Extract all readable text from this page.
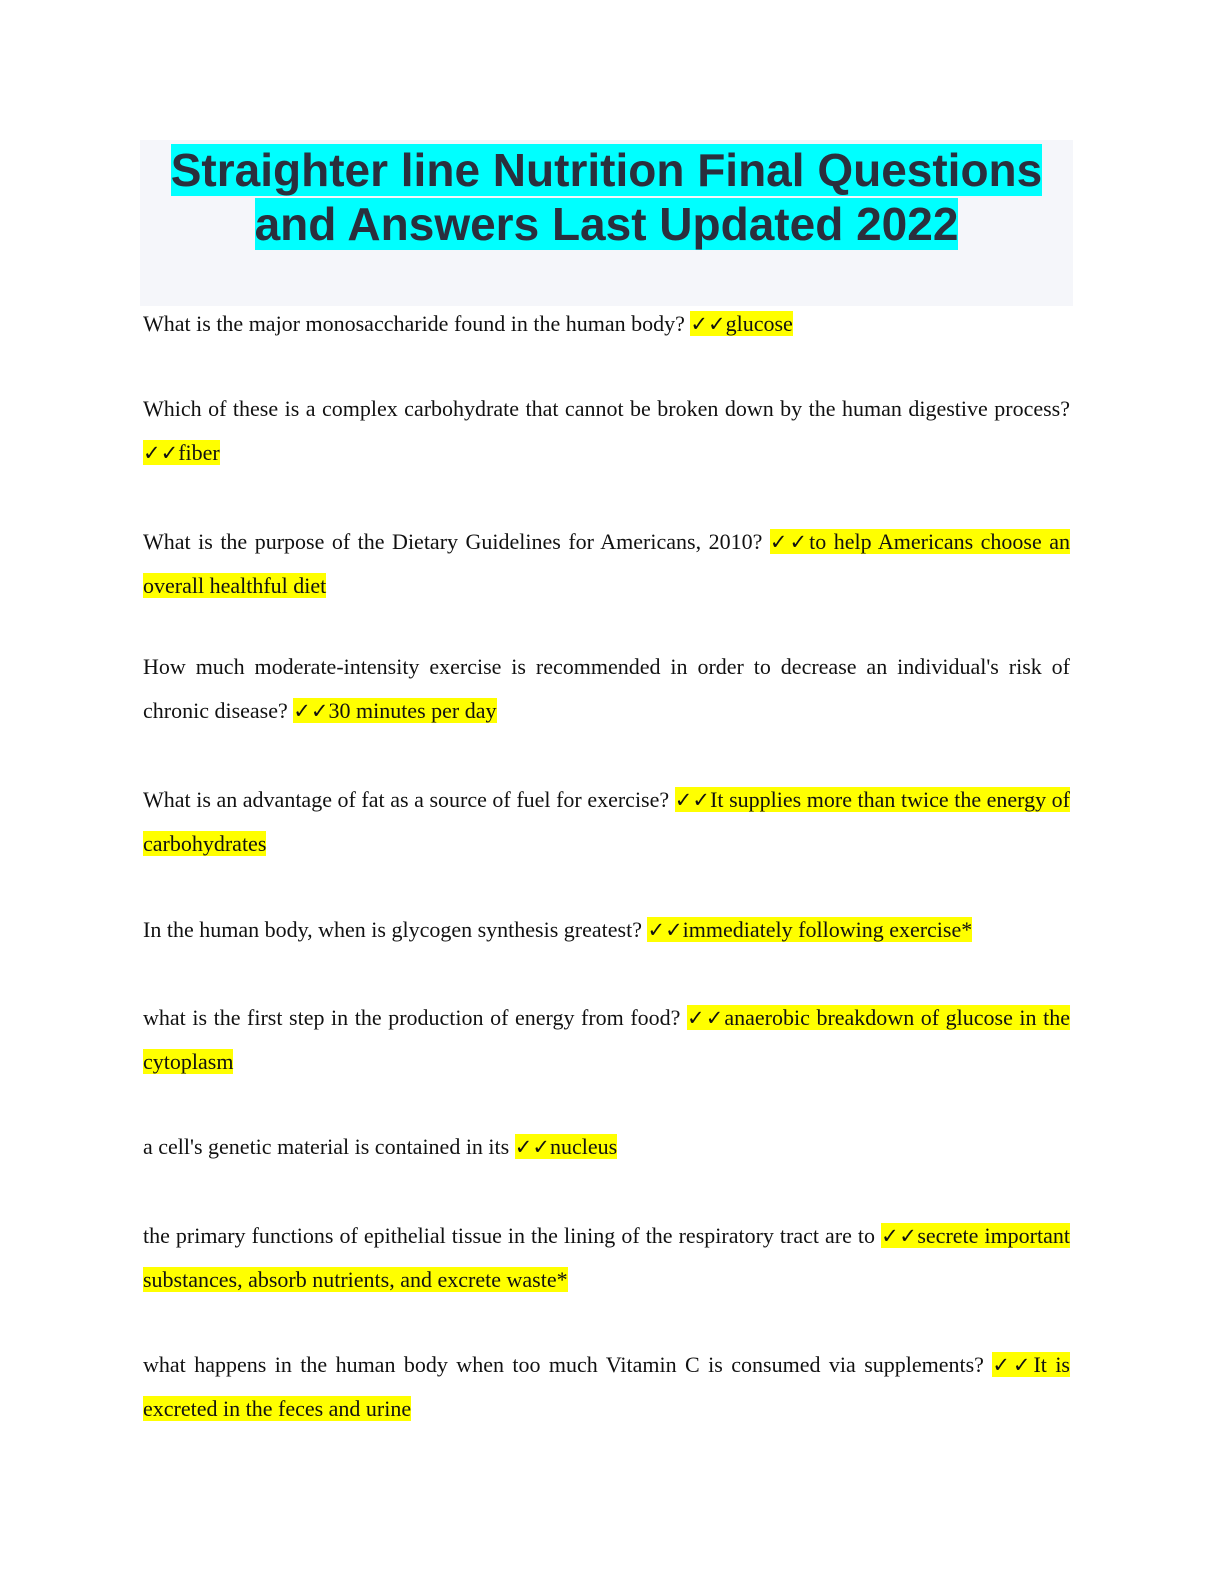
Straighter line Nutrition Final Questions
and Answers Last Updated 2022

What is the major monosaccharide found in the human body? ✓✓glucose

Which of these is a complex carbohydrate that cannot be broken down by the human digestive process? ✓✓fiber

What is the purpose of the Dietary Guidelines for Americans, 2010? ✓✓to help Americans choose an overall healthful diet

How much moderate-intensity exercise is recommended in order to decrease an individual's risk of chronic disease? ✓✓30 minutes per day

What is an advantage of fat as a source of fuel for exercise? ✓✓It supplies more than twice the energy of carbohydrates

In the human body, when is glycogen synthesis greatest? ✓✓immediately following exercise*

what is the first step in the production of energy from food? ✓✓anaerobic breakdown of glucose in the cytoplasm

a cell's genetic material is contained in its ✓✓nucleus

the primary functions of epithelial tissue in the lining of the respiratory tract are to ✓✓secrete important substances, absorb nutrients, and excrete waste*

what happens in the human body when too much Vitamin C is consumed via supplements? ✓✓It is excreted in the feces and urine
